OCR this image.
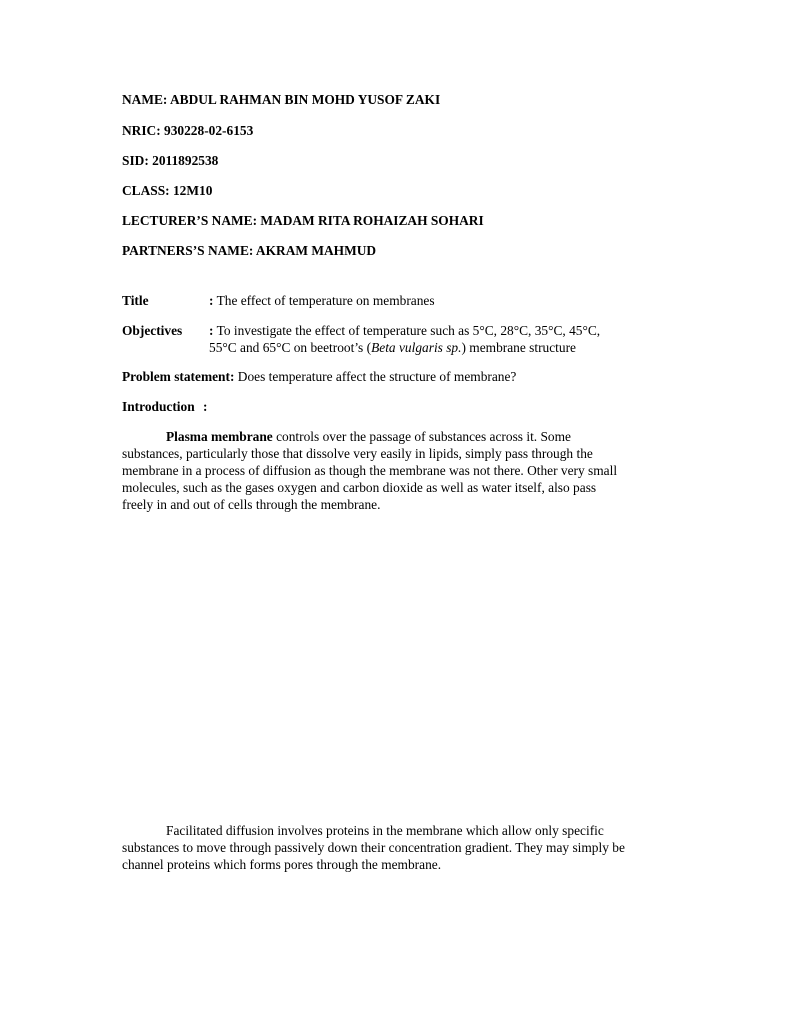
NAME: ABDUL RAHMAN BIN MOHD YUSOF ZAKI
NRIC: 930228-02-6153
SID: 2011892538
CLASS: 12M10
LECTURER’S NAME: MADAM RITA ROHAIZAH SOHARI
PARTNERS’S NAME: AKRAM MAHMUD
Title	: The effect of temperature on membranes
Objectives : To investigate the effect of temperature such as 5°C, 28°C, 35°C, 45°C,
55°C and 65°C on beetroot’s (Beta vulgaris sp.) membrane structure
Problem statement: Does temperature affect the structure of membrane?
Introduction :
Plasma membrane controls over the passage of substances across it. Some
substances, particularly those that dissolve very easily in lipids, simply pass through the
membrane in a process of diffusion as though the membrane was not there. Other very small
molecules, such as the gases oxygen and carbon dioxide as well as water itself, also pass
freely in and out of cells through the membrane.
Facilitated diffusion involves proteins in the membrane which allow only specific
substances to move through passively down their concentration gradient. They may simply be
channel proteins which forms pores through the membrane.
